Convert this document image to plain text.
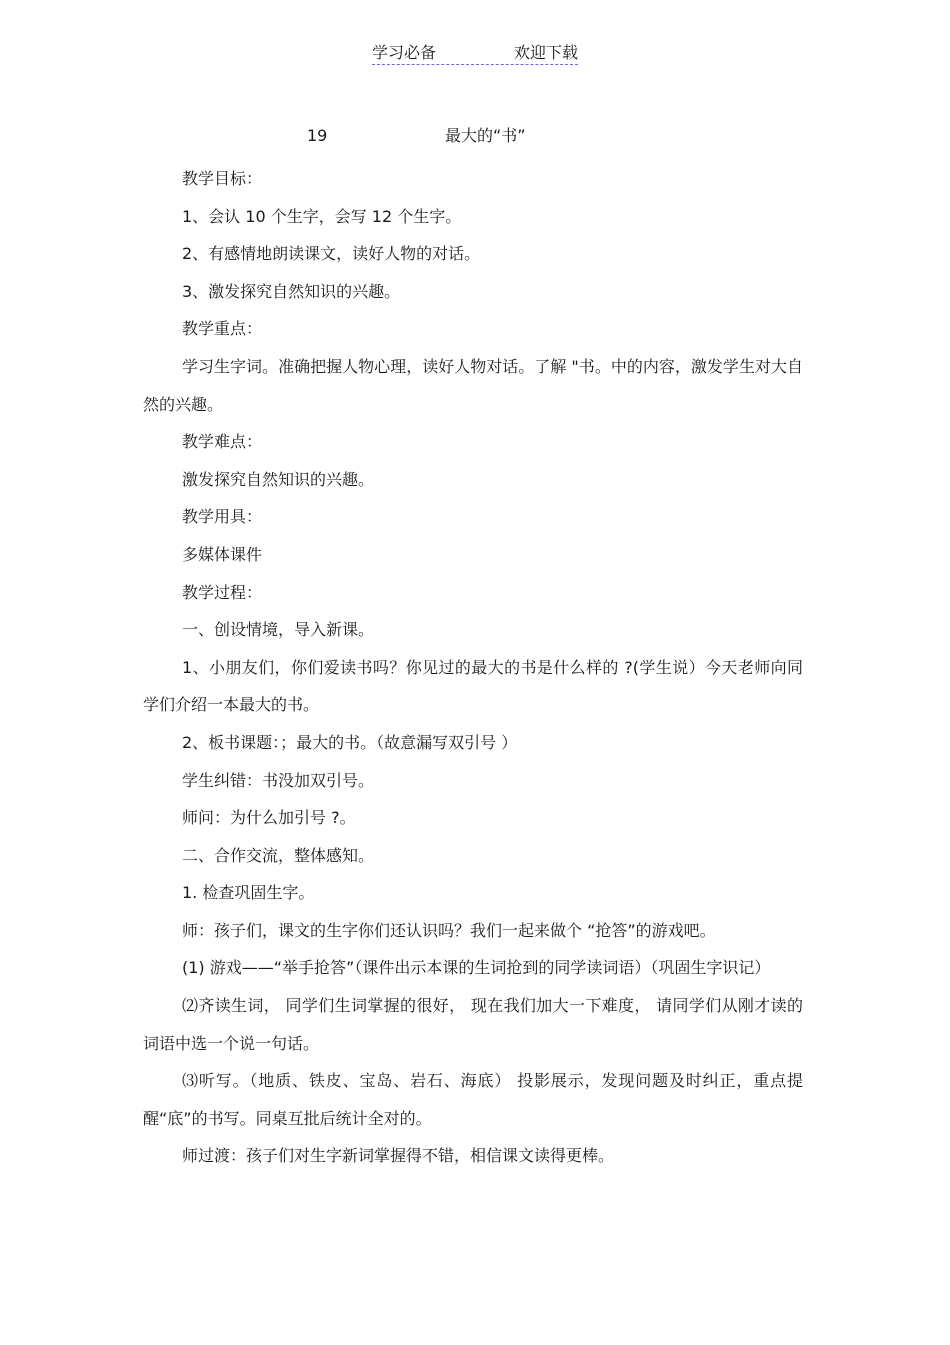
学习必备	欢迎下载
19	最大的“书”

教学目标：

1、会认 10 个生字，会写 12 个生字。

2、有感情地朗读课文，读好人物的对话。

3、激发探究自然知识的兴趣。

教学重点：

学习生字词。准确把握人物心理，读好人物对话。了解 "书。中的内容，激发学生对大自然的兴趣。

教学难点：

激发探究自然知识的兴趣。

教学用具：

多媒体课件

教学过程：

一、创设情境，导入新课。

1、小朋友们，你们爱读书吗？你见过的最大的书是什么样的 ?(学生说）今天老师向同学们介绍一本最大的书。

2、板书课题：；最大的书。（故意漏写双引号 ）

学生纠错：书没加双引号。

师问：为什么加引号 ?。

二、合作交流，整体感知。

1. 检查巩固生字。

师：孩子们，课文的生字你们还认识吗？我们一起来做个 “抢答”的游戏吧。

(1) 游戏——“举手抢答”（课件出示本课的生词抢到的同学读词语）（巩固生字识记）

⑵齐读生词， 同学们生词掌握的很好， 现在我们加大一下难度， 请同学们从刚才读的词语中选一个说一句话。

⑶听写。（地质、铁皮、宝岛、岩石、海底） 投影展示，发现问题及时纠正，重点提醒“底”的书写。同桌互批后统计全对的。

师过渡：孩子们对生字新词掌握得不错，相信课文读得更棒。
